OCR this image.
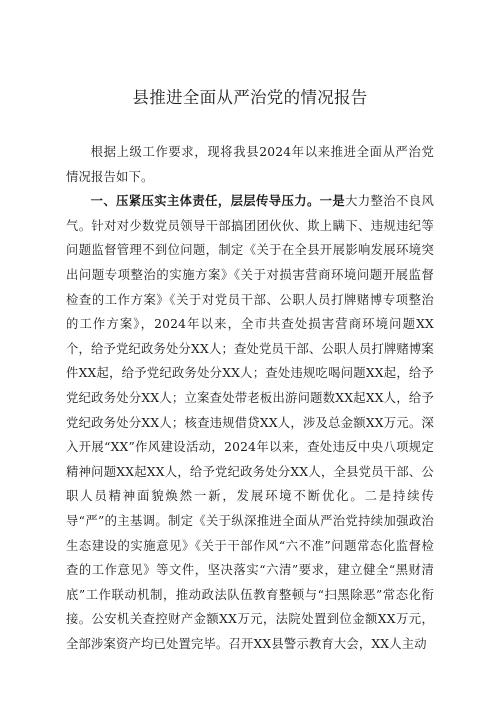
县推进全面从严治党的情况报告

根据上级工作要求，现将我县2024年以来推进全面从严治党情况报告如下。

一、压紧压实主体责任，层层传导压力。一是大力整治不良风气。针对对少数党员领导干部搞团团伙伙、欺上瞒下、违规违纪等问题监督管理不到位问题，制定《关于在全县开展影响发展环境突出问题专项整治的实施方案》《关于对损害营商环境问题开展监督检查的工作方案》《关于对党员干部、公职人员打牌赌博专项整治的工作方案》，2024年以来，全市共查处损害营商环境问题XX个，给予党纪政务处分XX人；查处党员干部、公职人员打牌赌博案件XX起，给予党纪政务处分XX人；查处违规吃喝问题XX起，给予党纪政务处分XX人；立案查处带老板出游问题数XX起XX人，给予党纪政务处分XX人；核查违规借贷XX人，涉及总金额XX万元。深入开展“XX”作风建设活动，2024年以来，查处违反中央八项规定精神问题XX起XX人，给予党纪政务处分XX人，全县党员干部、公职人员精神面貌焕然一新，发展环境不断优化。二是持续传导“严”的主基调。制定《关于纵深推进全面从严治党持续加强政治生态建设的实施意见》《关于干部作风“六不准”问题常态化监督检查的工作意见》等文件，坚决落实“六清”要求，建立健全“黑财清底”工作联动机制，推动政法队伍教育整顿与“扫黑除恶”常态化衔接。公安机关查控财产金额XX万元，法院处置到位金额XX万元，全部涉案资产均已处置完毕。召开XX县警示教育大会，XX人主动
